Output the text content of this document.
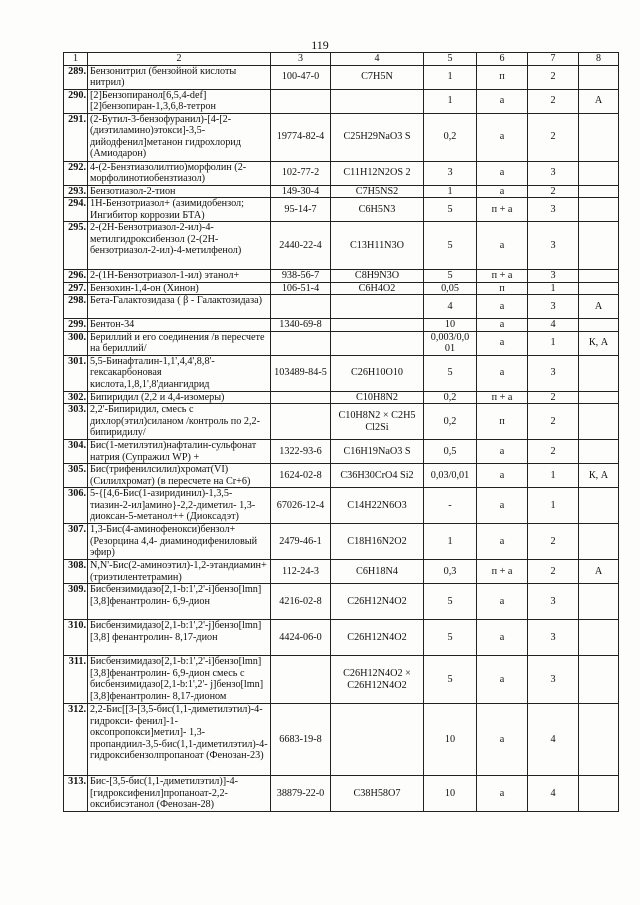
119
1	2	3	4	5	6	7	8
289.	Бензонитрил (бензойной кислоты нитрил)	100-47-0	C7H5N	1	п	2	
290.	[2]Бензопиранол[6,5,4-def][2]бензопиран-1,3,6,8-тетрон			1	а	2	А
291.	(2-Бутил-3-бензофуранил)-[4-[2-(диэтиламино)этокси]-3,5-дийодфенил]метанон гидрохлорид (Амиодарон)	19774-82-4	C25H29NaO3 S	0,2	а	2	
292.	4-(2-Бензтиазолилтио)морфолин (2-морфолинотиобензтиазол)	102-77-2	C11H12N2OS 2	3	а	3	
293.	Бензотиазол-2-тион	149-30-4	C7H5NS2	1	а	2	
294.	1Н-Бензотриазол+ (азимидобензол; Ингибитор коррозии БТА)	95-14-7	C6H5N3	5	п + а	3	
295.	2-(2Н-Бензотриазол-2-ил)-4-метилгидроксибензол (2-(2Н-бензотриазол-2-ил)-4-метилфенол)	2440-22-4	C13H11N3O	5	а	3	
296.	2-(1Н-Бензотриазол-1-ил) этанол+	938-56-7	C8H9N3O	5	п + а	3	
297.	Бензохин-1,4-он (Хинон)	106-51-4	C6H4O2	0,05	п	1	
298.	Бета-Галактозидаза ( β - Галактозидаза)			4	а	3	А
299.	Бентон-34	1340-69-8		10	а	4	
300.	Бериллий и его соединения /в пересчете на бериллий/			0,003/0,0 01	а	1	К, А
301.	5,5-Бинафталин-1,1',4,4',8,8'-гексакарбоновая кислота,1,8,1',8'диангидрид	103489-84-5	C26H10O10	5	а	3	
302.	Бипиридил (2,2 и 4,4-изомеры)		C10H8N2	0,2	п + а	2	
303.	2,2'-Бипиридил, смесь с дихлор(этил)силаном /контроль по 2,2-бипиридилу/		C10H8N2 × C2H5 Cl2Si	0,2	п	2	
304.	Бис(1-метилэтил)нафталин-сульфонат натрия (Супражил WP) +	1322-93-6	C16H19NaO3 S	0,5	а	2	
305.	Бис(трифенилсилил)хромат(VI) (Силилхромат) (в пересчете на Cr+6)	1624-02-8	C36H30CrO4 Si2	0,03/0,01	а	1	К, А
306.	5-{[4,6-Бис(1-азиридинил)-1,3,5-тиазин-2-ил]амино}-2,2-диметил- 1,3-диоксан-5-метанол++ (Диоксадэт)	67026-12-4	C14H22N6O3	-	а	1	
307.	1,3-Бис(4-аминофенокси)бензол+ (Резорцина 4,4- диаминодифениловый эфир)	2479-46-1	C18H16N2O2	1	а	2	
308.	N,N'-Бис(2-аминоэтил)-1,2-этандиамин+ (триэтилентетрамин)	112-24-3	C6H18N4	0,3	п + а	2	А
309.	Бисбензимидазо[2,1-b:1',2'-i]бензо[lmn][3,8]фенантролин- 6,9-дион	4216-02-8	C26H12N4O2	5	а	3	
310.	Бисбензимидазо[2,1-b:1',2'-j]бензо[lmn][3,8] фенантролин- 8,17-дион	4424-06-0	C26H12N4O2	5	а	3	
311.	Бисбензимидазо[2,1-b:1',2'-i]бензо[lmn][3,8]фенантролин- 6,9-дион смесь с бисбензимидазо[2,1-b:1',2'- j]бензо[lmn][3,8]фенантролин- 8,17-дионом		C26H12N4O2 × C26H12N4O2	5	а	3	
312.	2,2-Бис[[3-[3,5-бис(1,1-диметилэтил)-4-гидрокси- фенил]-1-оксопропокси]метил]- 1,3-пропандиил-3,5-бис(1,1-диметилэтил)-4-гидроксибензолпропаноат (Фенозан-23)	6683-19-8		10	а	4	
313.	Бис-[3,5-бис(1,1-диметилэтил)]-4-[гидроксифенил]пропаноат-2,2-оксибисэтанол (Фенозан-28)	38879-22-0	C38H58O7	10	а	4	
